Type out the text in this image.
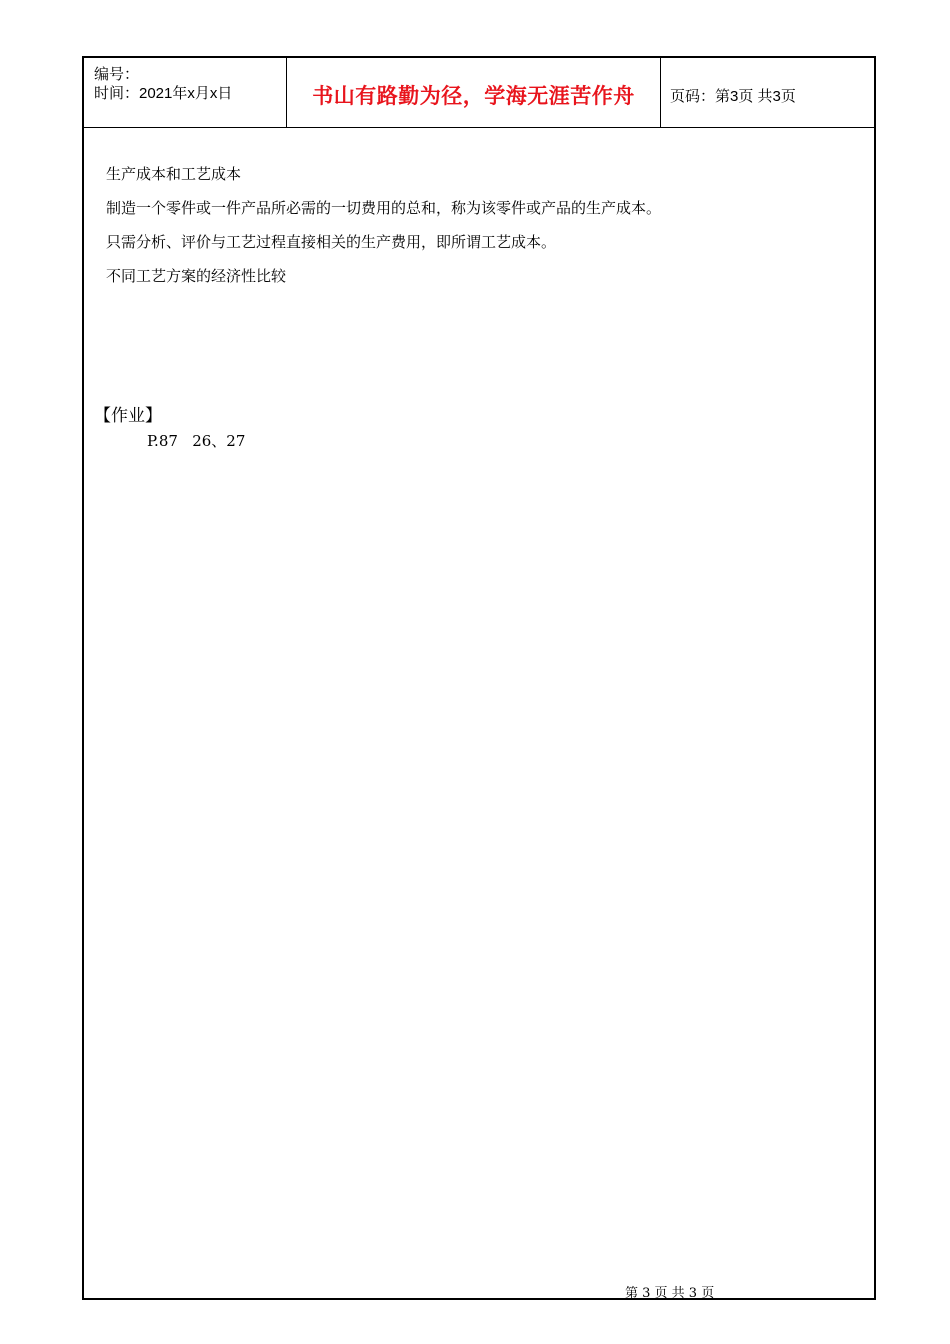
编号：
时间：2021年x月x日	书山有路勤为径，学海无涯苦作舟	页码：第3页 共3页
生产成本和工艺成本
制造一个零件或一件产品所必需的一切费用的总和，称为该零件或产品的生产成本。
只需分析、评价与工艺过程直接相关的生产费用，即所谓工艺成本。
不同工艺方案的经济性比较
【作业】
P.87   26、27
第 3 页 共 3 页
